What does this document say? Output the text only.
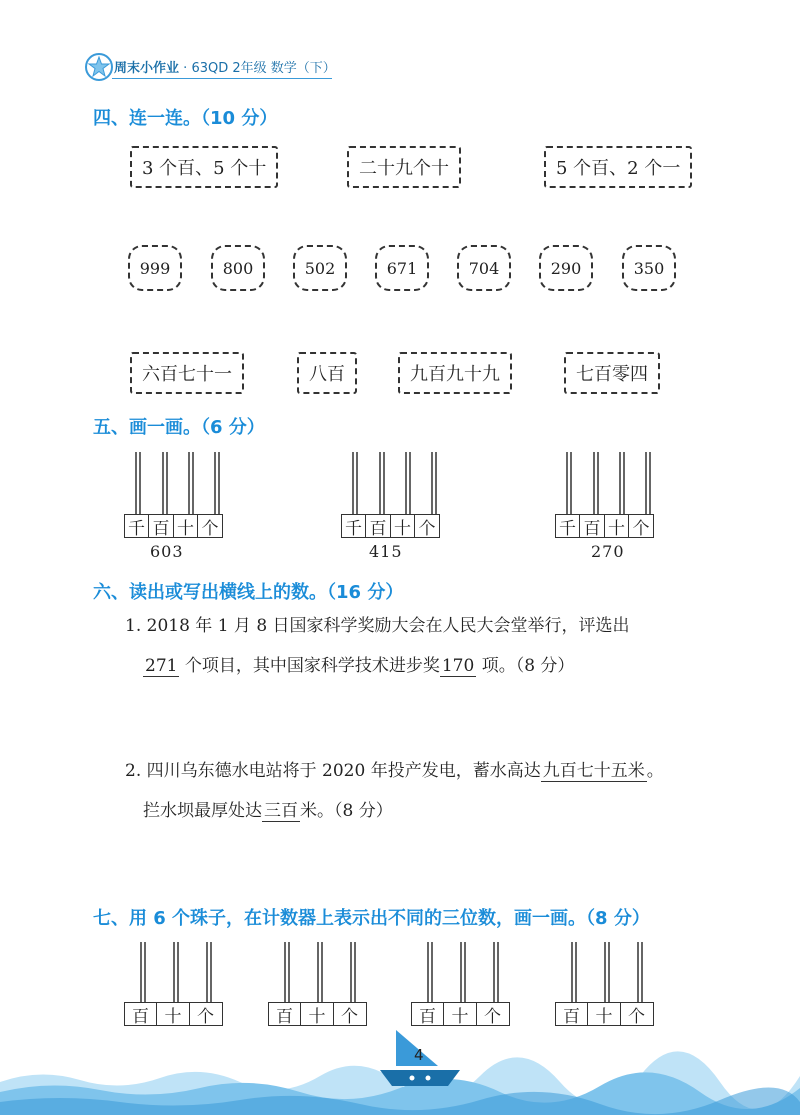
周末小作业 · 63QD 2年级 数学（下）
四、连一连。（10 分）
3 个百、5 个十	二十九个十	5 个百、2 个一
999	800	502	671	704	290	350
六百七十一	八百	九百九十九	七百零四
五、画一画。（6 分）
千 百 十 个
603
千 百 十 个
415
千 百 十 个
270
六、读出或写出横线上的数。（16 分）
1. 2018 年 1 月 8 日国家科学奖励大会在人民大会堂举行，评选出
271 个项目，其中国家科学技术进步奖 170 项。（8 分）
2. 四川乌东德水电站将于 2020 年投产发电，蓄水高达 九百七十五米 。
拦水坝最厚处达 三百 米。（8 分）
七、用 6 个珠子，在计数器上表示出不同的三位数，画一画。（8 分）
百 十 个	百 十 个	百 十 个	百 十 个
4
